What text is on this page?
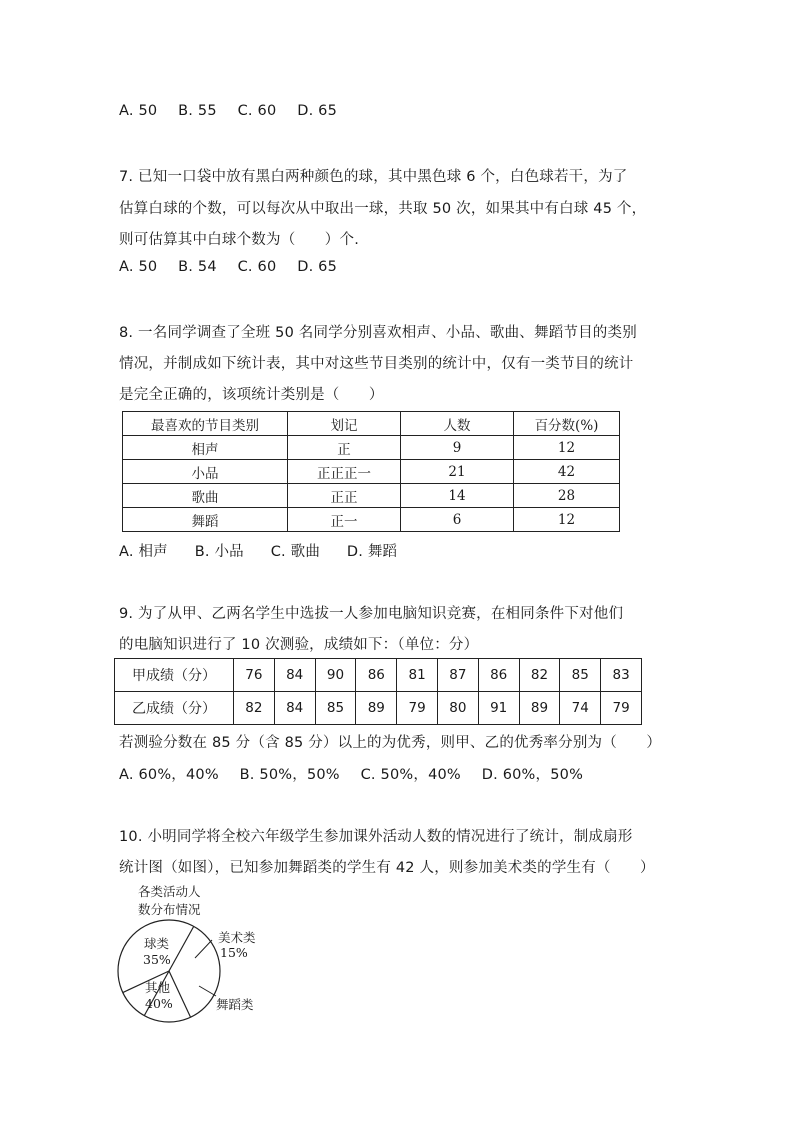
A. 50 B. 55 C. 60 D. 65
7. 已知一口袋中放有黑白两种颜色的球，其中黑色球 6 个，白色球若干，为了
估算白球的个数，可以每次从中取出一球，共取 50 次，如果其中有白球 45 个，
则可估算其中白球个数为（　　）个.
A. 50 B. 54 C. 60 D. 65
8. 一名同学调查了全班 50 名同学分别喜欢相声、小品、歌曲、舞蹈节目的类别
情况，并制成如下统计表，其中对这些节目类别的统计中，仅有一类节目的统计
是完全正确的，该项统计类别是（　　）
最喜欢的节目类别	划记	人数	百分数(%)
相声	正	9	12
小品	正正正一	21	42
歌曲	正正	14	28
舞蹈	正一	6	12
A. 相声 B. 小品 C. 歌曲 D. 舞蹈
9. 为了从甲、乙两名学生中选拔一人参加电脑知识竞赛，在相同条件下对他们
的电脑知识进行了 10 次测验，成绩如下：（单位：分）
甲成绩（分）	76	84	90	86	81	87	86	82	85	83
乙成绩（分）	82	84	85	89	79	80	91	89	74	79
若测验分数在 85 分（含 85 分）以上的为优秀，则甲、乙的优秀率分别为（　　）
A. 60%，40% B. 50%，50% C. 50%，40% D. 60%，50%
10. 小明同学将全校六年级学生参加课外活动人数的情况进行了统计，制成扇形
统计图（如图），已知参加舞蹈类的学生有 42 人，则参加美术类的学生有（　　）
各类活动人
数分布情况
球类
35%
美术类
15%
其他
40%	舞蹈类
